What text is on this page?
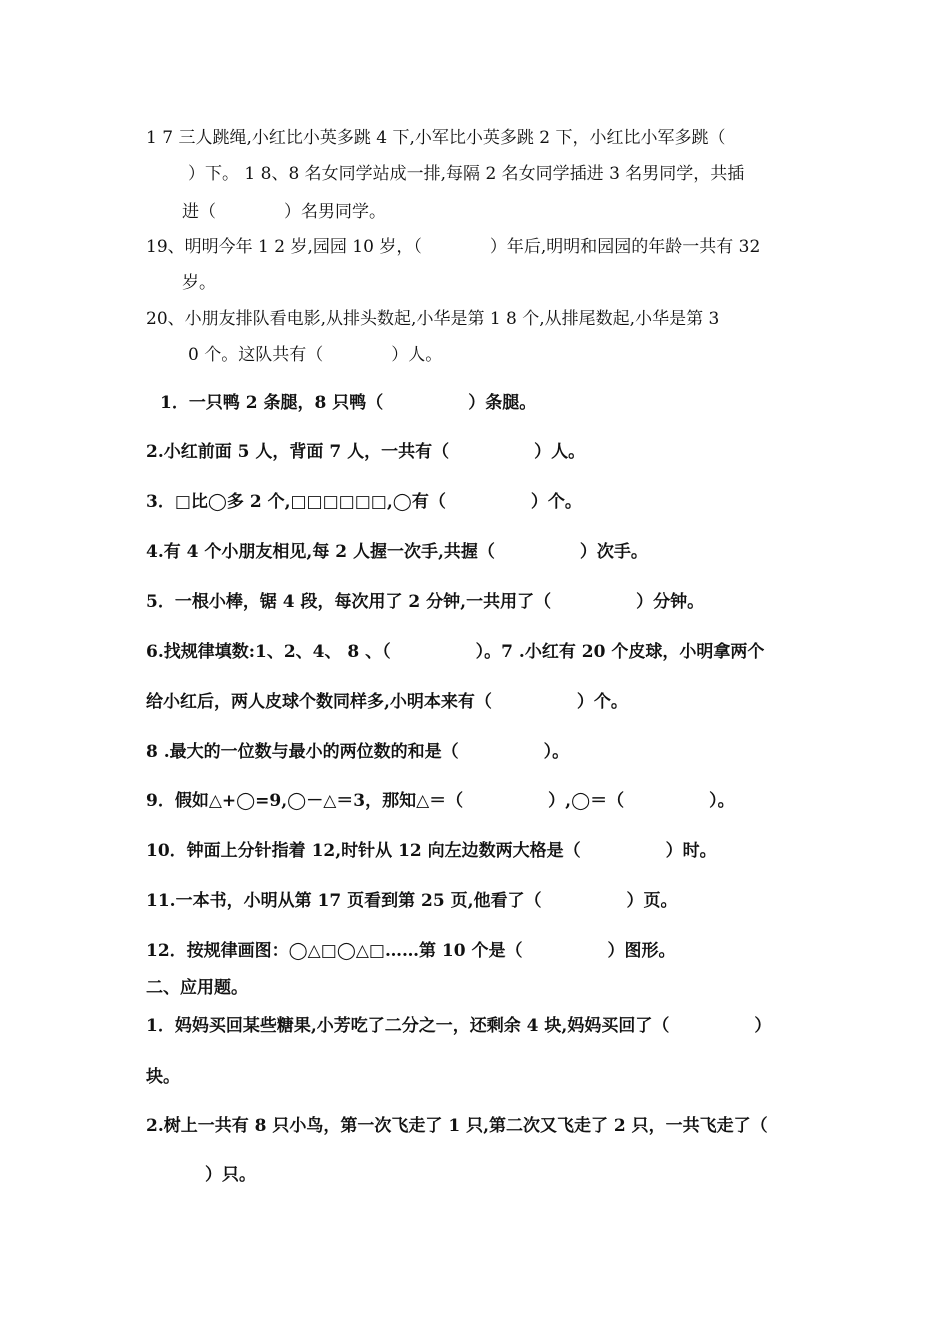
1 7 三人跳绳,小红比小英多跳 4 下,小军比小英多跳 2 下，小红比小军多跳（
）下。 1 8、8 名女同学站成一排,每隔 2 名女同学插进 3 名男同学，共插
进（　　　　）名男同学。
19、明明今年 1 2 岁,园园 10 岁，（　　　　）年后,明明和园园的年龄一共有 32
岁。
20、小朋友排队看电影,从排头数起,小华是第 1 8 个,从排尾数起,小华是第 3
0 个。这队共有（　　　　）人。
1．一只鸭 2 条腿，8 只鸭（　　　　　）条腿。
2.小红前面 5 人，背面 7 人，一共有（　　　　　）人。
3．□比◯多 2 个,□□□□□□,◯有（　　　　　）个。
4.有 4 个小朋友相见,每 2 人握一次手,共握（　　　　　）次手。
5．一根小棒，锯 4 段，每次用了 2 分钟,一共用了（　　　　　）分钟。
6.找规律填数:1、2、4、 8 、（　　　　　）。7 .小红有 20 个皮球，小明拿两个
给小红后，两人皮球个数同样多,小明本来有（　　　　　）个。
8 .最大的一位数与最小的两位数的和是（　　　　　）。
9．假如△+◯=9,◯－△＝3，那知△＝（　　　　　）,◯＝（　　　　　）。
10．钟面上分针指着 12,时针从 12 向左边数两大格是（　　　　　）时。
11.一本书，小明从第 17 页看到第 25 页,他看了（　　　　　）页。
12．按规律画图：◯△□◯△□……第 10 个是（　　　　　）图形。
二、应用题。
1．妈妈买回某些糖果,小芳吃了二分之一，还剩余 4 块,妈妈买回了（　　　　　）
块。
2.树上一共有 8 只小鸟，第一次飞走了 1 只,第二次又飞走了 2 只，一共飞走了（
）只。
